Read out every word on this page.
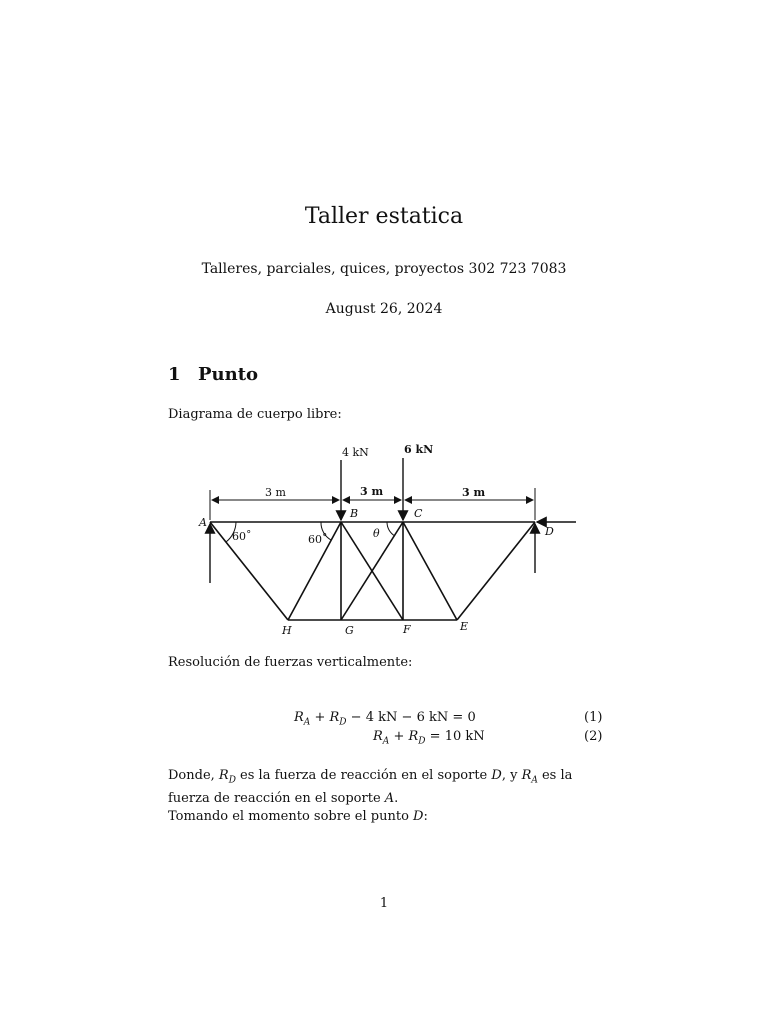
Taller estatica
Talleres, parciales, quices, proyectos 302 723 7083
August 26, 2024
1 Punto
Diagrama de cuerpo libre:
4 kN	6 kN
3 m	3 m	3 m
A
B	C
D
E
F
G
H
θ
60˚	60˚
Resolución de fuerzas verticalmente:
$R_A + R_D - 4$ kN − 6 kN = 0	(1)
$R_A + R_D = 10$ kN	(2)
Donde, $R_D$ es la fuerza de reacción en el soporte D, y $R_A$ es la fuerza de reacción en el soporte A.
Tomando el momento sobre el punto D:
1
